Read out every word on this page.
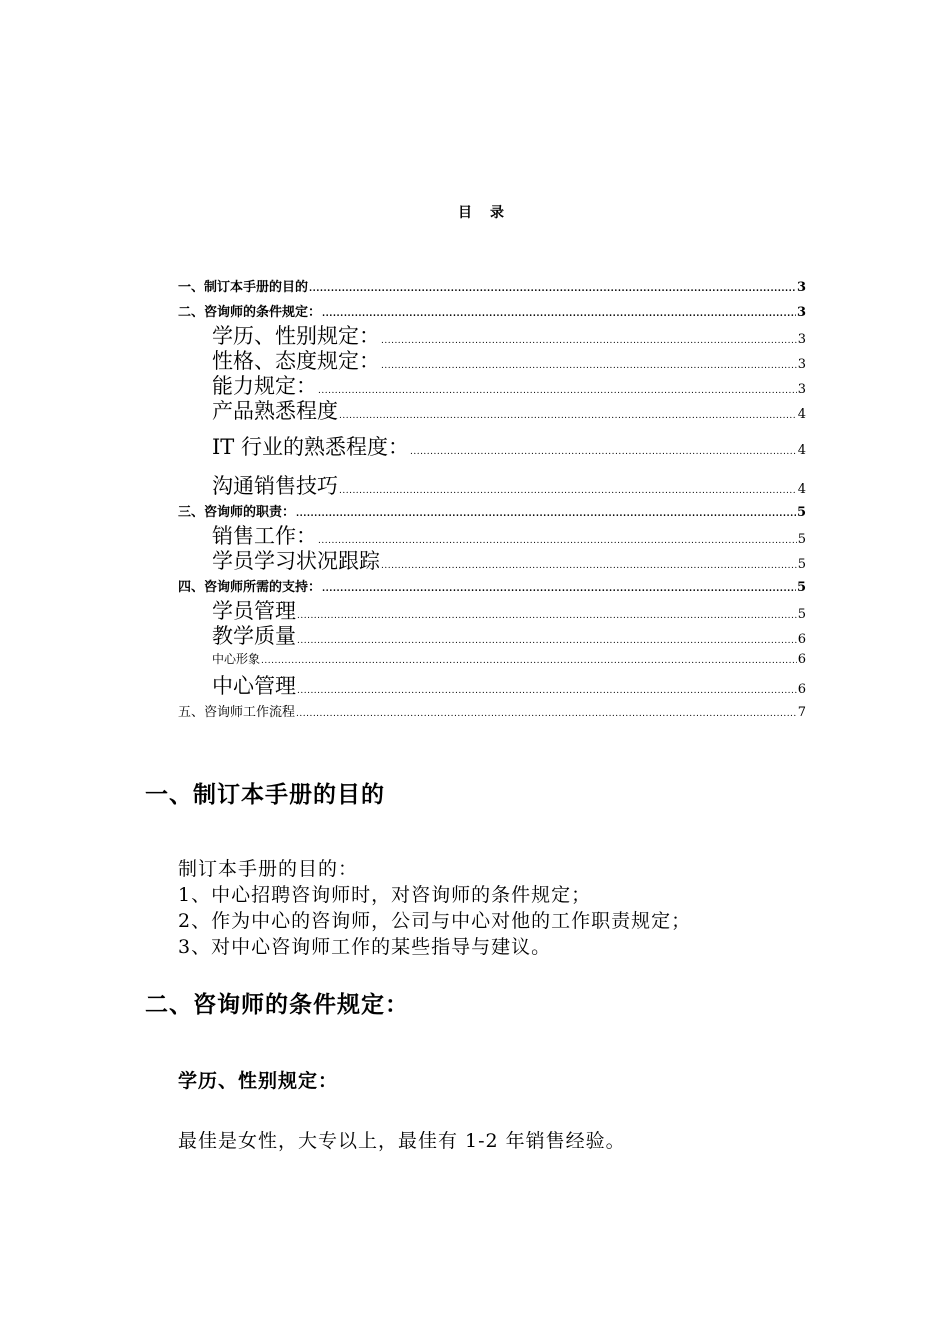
目录
一、制订本手册的目的 .....	3
二、咨询师的条件规定： .....	3
学历、性别规定： .....	3
性格、态度规定： .....	3
能力规定： .....	3
产品熟悉程度 .....	4
IT 行业的熟悉程度： .....	4
沟通销售技巧 .....	4
三、咨询师的职责： .....	5
销售工作： .....	5
学员学习状况跟踪 .....	5
四、咨询师所需的支持： .....	5
学员管理 .....	5
教学质量 .....	6
中心形象 .....	6
中心管理 .....	6
五、咨询师工作流程 .....	7
一、制订本手册的目的
制订本手册的目的：
1、中心招聘咨询师时，对咨询师的条件规定；
2、作为中心的咨询师，公司与中心对他的工作职责规定；
3、对中心咨询师工作的某些指导与建议。
二、咨询师的条件规定：
学历、性别规定：
最佳是女性，大专以上，最佳有 1-2 年销售经验。
